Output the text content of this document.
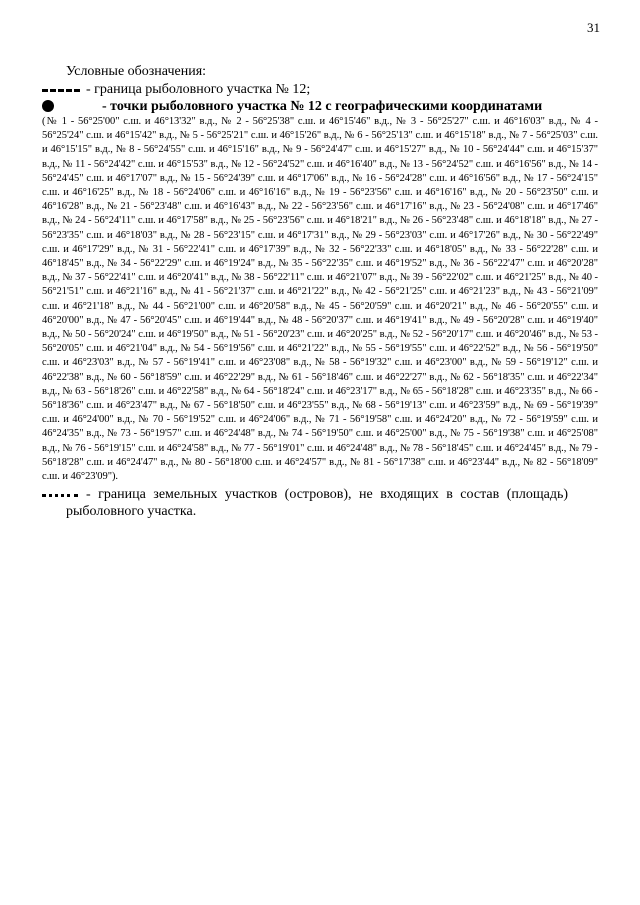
31
Условные обозначения:
- граница рыболовного участка № 12;
- точки рыболовного участка № 12 с географическими координатами
(№ 1 - 56°25'00" с.ш. и 46°13'32" в.д., № 2 - 56°25'38" с.ш. и 46°15'46" в.д., № 3 - 56°25'27" с.ш. и 46°16'03" в.д., № 4 - 56°25'24" с.ш. и 46°15'42" в.д., № 5 - 56°25'21" с.ш. и 46°15'26" в.д., № 6 - 56°25'13" с.ш. и 46°15'18" в.д., № 7 - 56°25'03" с.ш. и 46°15'15" в.д., № 8 - 56°24'55" с.ш. и 46°15'16" в.д., № 9 - 56°24'47" с.ш. и 46°15'27" в.д., № 10 - 56°24'44" с.ш. и 46°15'37" в.д., № 11 - 56°24'42" с.ш. и 46°15'53" в.д., № 12 - 56°24'52" с.ш. и 46°16'40" в.д., № 13 - 56°24'52" с.ш. и 46°16'56" в.д., № 14 - 56°24'45" с.ш. и 46°17'07" в.д., № 15 - 56°24'39" с.ш. и 46°17'06" в.д., № 16 - 56°24'28" с.ш. и 46°16'56" в.д., № 17 - 56°24'15" с.ш. и 46°16'25" в.д., № 18 - 56°24'06" с.ш. и 46°16'16" в.д., № 19 - 56°23'56" с.ш. и 46°16'16" в.д., № 20 - 56°23'50" с.ш. и 46°16'28" в.д., № 21 - 56°23'48" с.ш. и 46°16'43" в.д., № 22 - 56°23'56" с.ш. и 46°17'16" в.д., № 23 - 56°24'08" с.ш. и 46°17'46" в.д., № 24 - 56°24'11" с.ш. и 46°17'58" в.д., № 25 - 56°23'56" с.ш. и 46°18'21" в.д., № 26 - 56°23'48" с.ш. и 46°18'18" в.д., № 27 - 56°23'35" с.ш. и 46°18'03" в.д., № 28 - 56°23'15" с.ш. и 46°17'31" в.д., № 29 - 56°23'03" с.ш. и 46°17'26" в.д., № 30 - 56°22'49" с.ш. и 46°17'29" в.д., № 31 - 56°22'41" с.ш. и 46°17'39" в.д., № 32 - 56°22'33" с.ш. и 46°18'05" в.д., № 33 - 56°22'28" с.ш. и 46°18'45" в.д., № 34 - 56°22'29" с.ш. и 46°19'24" в.д., № 35 - 56°22'35" с.ш. и 46°19'52" в.д., № 36 - 56°22'47" с.ш. и 46°20'28" в.д., № 37 - 56°22'41" с.ш. и 46°20'41" в.д., № 38 - 56°22'11" с.ш. и 46°21'07" в.д., № 39 - 56°22'02" с.ш. и 46°21'25" в.д., № 40 - 56°21'51" с.ш. и 46°21'16" в.д., № 41 - 56°21'37" с.ш. и 46°21'22" в.д., № 42 - 56°21'25" с.ш. и 46°21'23" в.д., № 43 - 56°21'09" с.ш. и 46°21'18" в.д., № 44 - 56°21'00" с.ш. и 46°20'58" в.д., № 45 - 56°20'59" с.ш. и 46°20'21" в.д., № 46 - 56°20'55" с.ш. и 46°20'00" в.д., № 47 - 56°20'45" с.ш. и 46°19'44" в.д., № 48 - 56°20'37" с.ш. и 46°19'41" в.д., № 49 - 56°20'28" с.ш. и 46°19'40" в.д., № 50 - 56°20'24" с.ш. и 46°19'50" в.д., № 51 - 56°20'23" с.ш. и 46°20'25" в.д., № 52 - 56°20'17" с.ш. и 46°20'46" в.д., № 53 - 56°20'05" с.ш. и 46°21'04" в.д., № 54 - 56°19'56" с.ш. и 46°21'22" в.д., № 55 - 56°19'55" с.ш. и 46°22'52" в.д., № 56 - 56°19'50" с.ш. и 46°23'03" в.д., № 57 - 56°19'41" с.ш. и 46°23'08" в.д., № 58 - 56°19'32" с.ш. и 46°23'00" в.д., № 59 - 56°19'12" с.ш. и 46°22'38" в.д., № 60 - 56°18'59" с.ш. и 46°22'29" в.д., № 61 - 56°18'46" с.ш. и 46°22'27" в.д., № 62 - 56°18'35" с.ш. и 46°22'34" в.д., № 63 - 56°18'26" с.ш. и 46°22'58" в.д., № 64 - 56°18'24" с.ш. и 46°23'17" в.д., № 65 - 56°18'28" с.ш. и 46°23'35" в.д., № 66 - 56°18'36" с.ш. и 46°23'47" в.д., № 67 - 56°18'50" с.ш. и 46°23'55" в.д., № 68 - 56°19'13" с.ш. и 46°23'59" в.д., № 69 - 56°19'39" с.ш. и 46°24'00" в.д., № 70 - 56°19'52" с.ш. и 46°24'06" в.д., № 71 - 56°19'58" с.ш. и 46°24'20" в.д., № 72 - 56°19'59" с.ш. и 46°24'35" в.д., № 73 - 56°19'57" с.ш. и 46°24'48" в.д., № 74 - 56°19'50" с.ш. и 46°25'00" в.д., № 75 - 56°19'38" с.ш. и 46°25'08" в.д., № 76 - 56°19'15" с.ш. и 46°24'58" в.д., № 77 - 56°19'01" с.ш. и 46°24'48" в.д., № 78 - 56°18'45" с.ш. и 46°24'45" в.д., № 79 - 56°18'28" с.ш. и 46°24'47" в.д., № 80 - 56°18'00 с.ш. и 46°24'57" в.д., № 81 - 56°17'38" с.ш. и 46°23'44" в.д., № 82 - 56°18'09" с.ш. и 46°23'09").
- граница земельных участков (островов), не входящих в состав (площадь)
рыболовного участка.
